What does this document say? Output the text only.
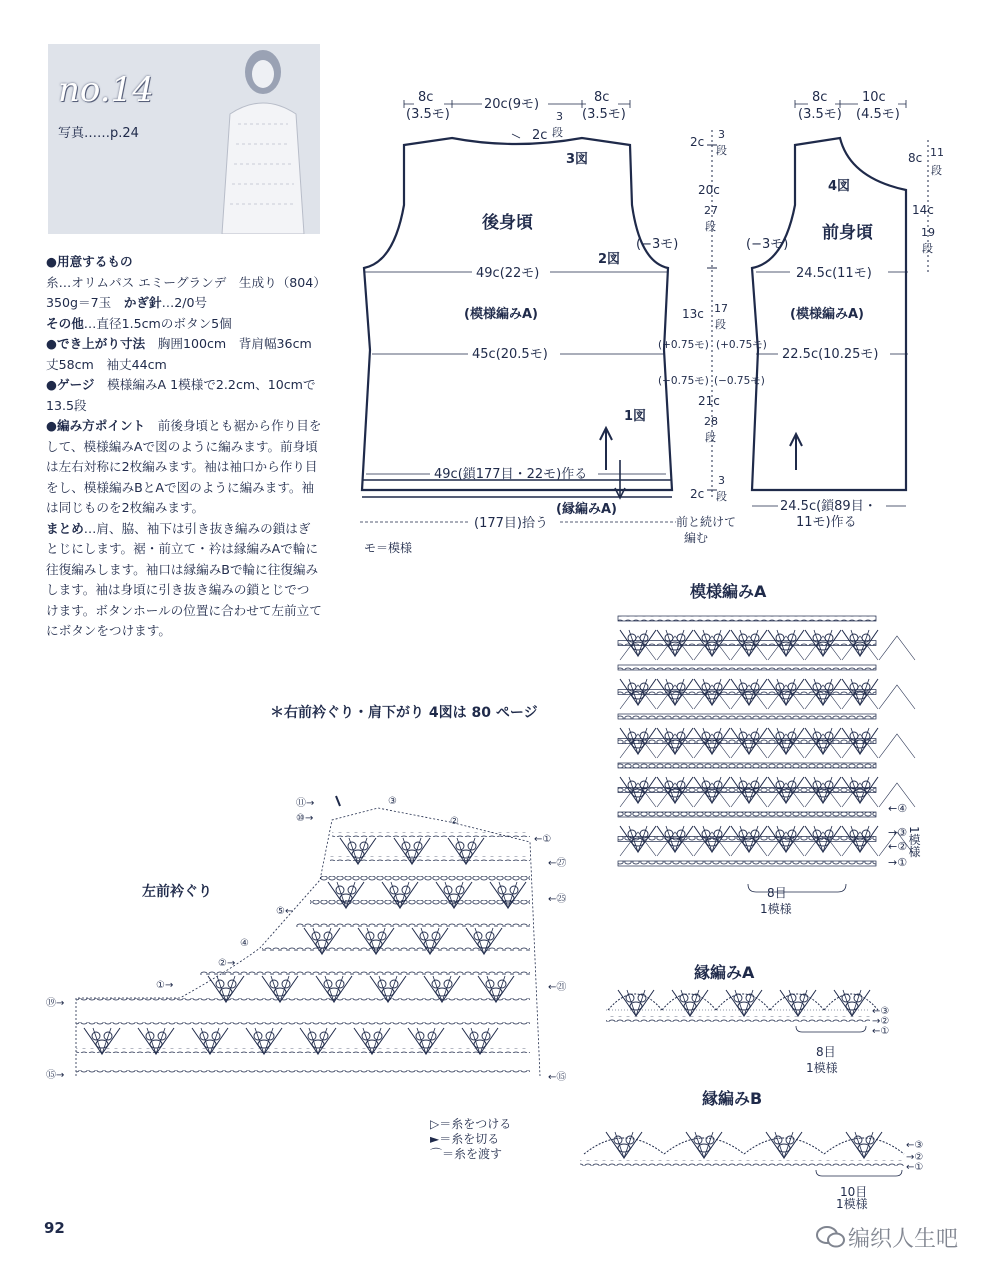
no.14
写真……p.24

●用意するもの

糸…オリムパス エミーグランデ　生成り（804）350g＝7玉　 かぎ針…2/0号

その他…直径1.5cmのボタン5個

●でき上がり寸法　 胸囲100cm　背肩幅36cm　丈58cm　袖丈44cm

●ゲージ　 模様編みA 1模様で2.2cm、10cmで13.5段

●編み方ポイント　 前後身頃とも裾から作り目をして、模様編みAで図のように編みます。前身頃は左右対称に2枚編みます。袖は袖口から作り目をし、模様編みBとAで図のように編みます。袖は同じものを2枚編みます。

まとめ…肩、脇、袖下は引き抜き編みの鎖はぎとじにします。裾・前立て・衿は縁編みAで輪に往復編みします。袖口は縁編みBで輪に往復編みします。袖は身頃に引き抜き編みの鎖とじでつけます。ボタンホールの位置に合わせて左前立てにボタンをつけます。

8c
(3.5モ)
20c(9モ)	8c
(3.5モ)
2c
3
段
3図
後身頃
(−3モ)
2図
49c(22モ)
(模様編みA)
45c(20.5モ)
1図
49c(鎖177目・22モ)作る
(縁編みA)
(177目)拾う
モ＝模様
前と続けて
編む
2c
3
段
20c
27
段
13c 17
段
(+0.75モ) (+0.75モ)
(−0.75モ) (−0.75モ)
21c
28
段
2c
3
段
8c
(3.5モ)
10c
(4.5モ)
8c 11
段
4図
14c
19
段
前身頃
(−3モ)
24.5c(11モ)
(模様編みA)
22.5c(10.25モ)
24.5c(鎖89目・
11モ)作る
＊右前衿ぐり・肩下がり 4図は 80 ページ
模様編みA
8目
1模様
←④
→③
←②
→①
1模様
左前衿ぐり
⑲→
⑮→	←⑮
←㉑
←㉕
←㉗
←①
⑪→
⑩→
⑤←
④
②→
①→
③
②
縁編みA
8目
1模様
←③
→②
←①
縁編みB
10目
1模様
←③
→②
←①
▷＝糸をつける
►＝糸を切る
⌒＝糸を渡す
92	编织人生吧
